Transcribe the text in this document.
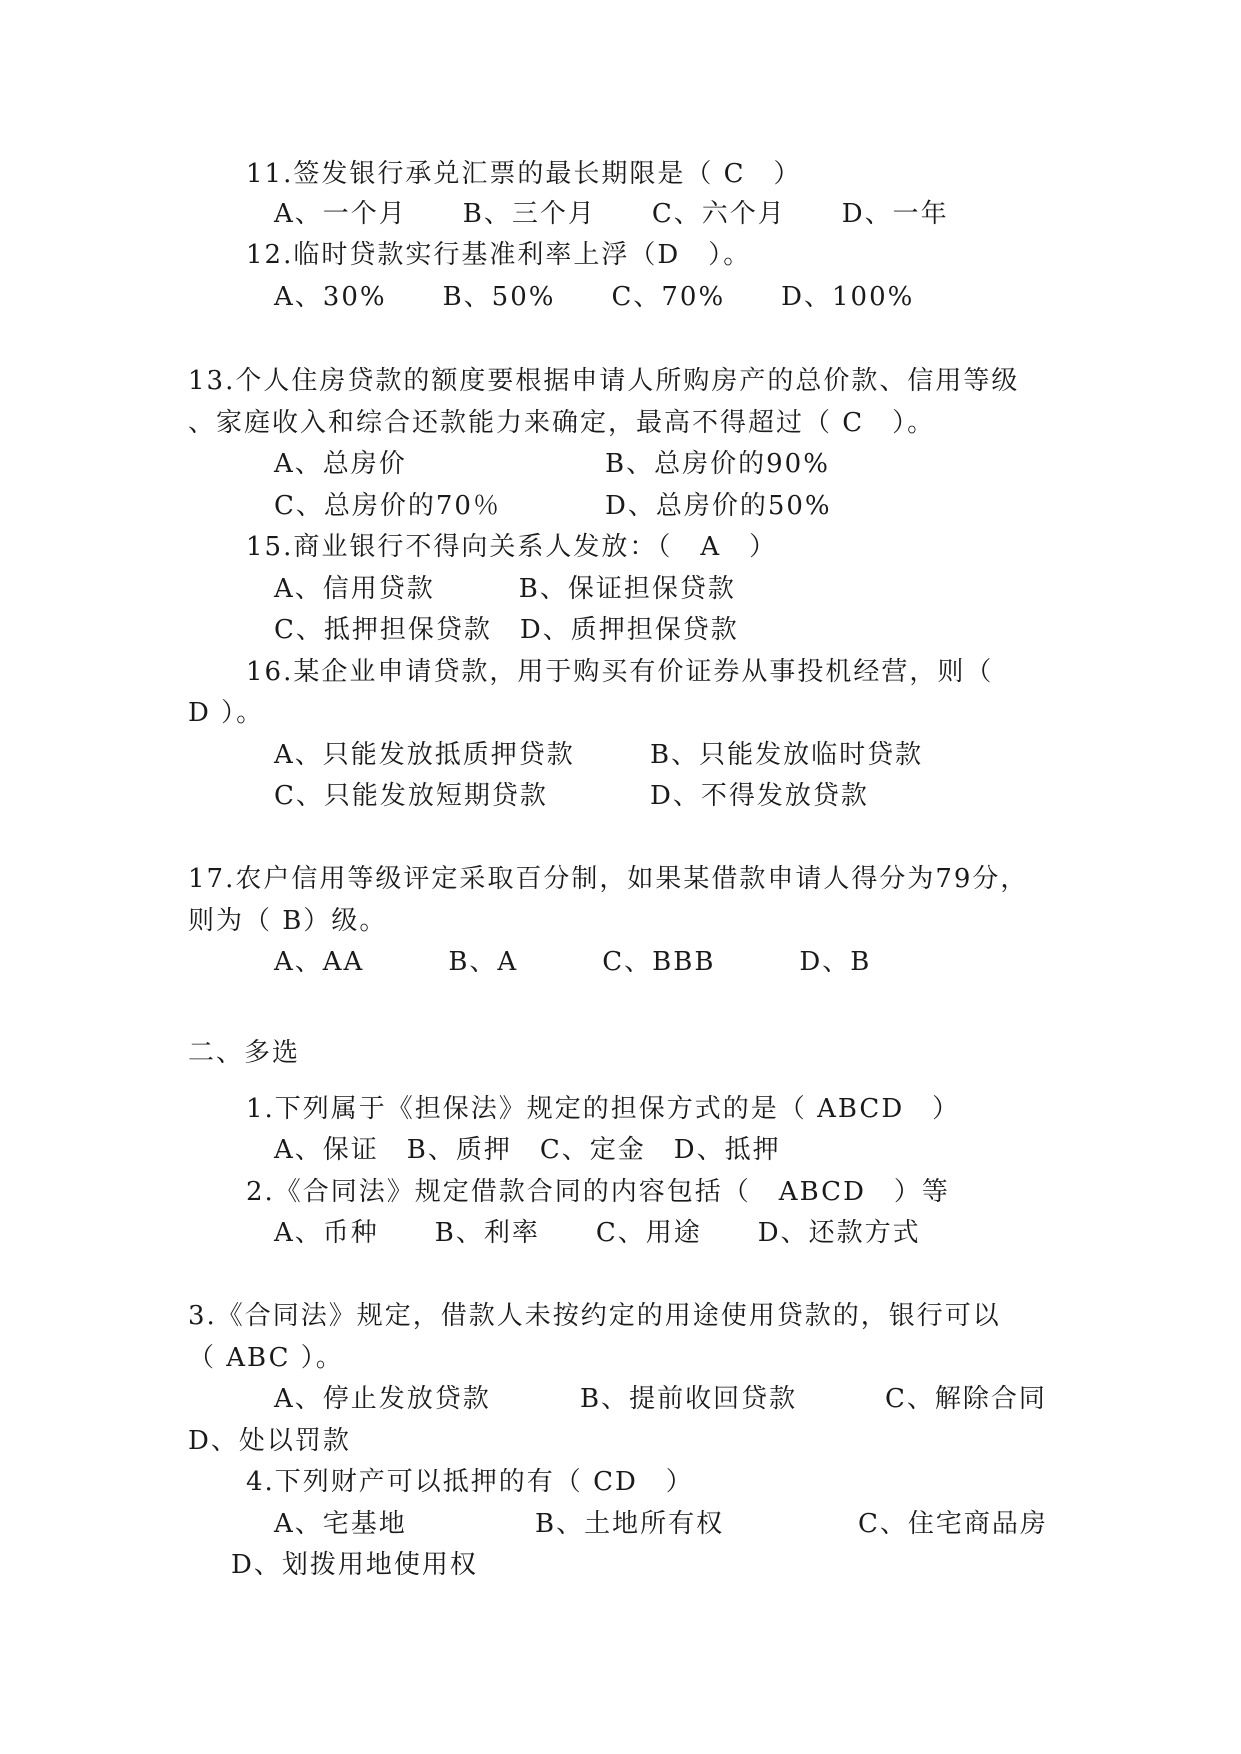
11.签发银行承兑汇票的最长期限是（ C　）
A、一个月　　B、三个月　　C、六个月　　D、一年
12.临时贷款实行基准利率上浮（D　）。
A、30%　　B、50%　　C、70%　　D、100%
13.个人住房贷款的额度要根据申请人所购房产的总价款、信用等级
、家庭收入和综合还款能力来确定，最高不得超过（ C　）。
A、总房价	B、总房价的90%
C、总房价的70％	D、总房价的50%
15.商业银行不得向关系人发放：（　A　）
A、信用贷款　　　B、保证担保贷款
C、抵押担保贷款　D、质押担保贷款
16.某企业申请贷款，用于购买有价证券从事投机经营，则（
D ）。
A、只能发放抵质押贷款	B、只能发放临时贷款
C、只能发放短期贷款	D、不得发放贷款
17.农户信用等级评定采取百分制，如果某借款申请人得分为79分，
则为（ B）级。
A、AA　　　B、A　　　C、BBB　　　D、B
二、多选
1.下列属于《担保法》规定的担保方式的是（ ABCD　）
A、保证　B、质押　C、定金　D、抵押
2.《合同法》规定借款合同的内容包括（　ABCD　）等
A、币种　　B、利率　　C、用途　　D、还款方式
3.《合同法》规定，借款人未按约定的用途使用贷款的，银行可以
（ ABC ）。
A、停止发放贷款	B、提前收回贷款	C、解除合同
D、处以罚款
4.下列财产可以抵押的有（ CD　）
A、宅基地	B、土地所有权	C、住宅商品房
D、划拨用地使用权
